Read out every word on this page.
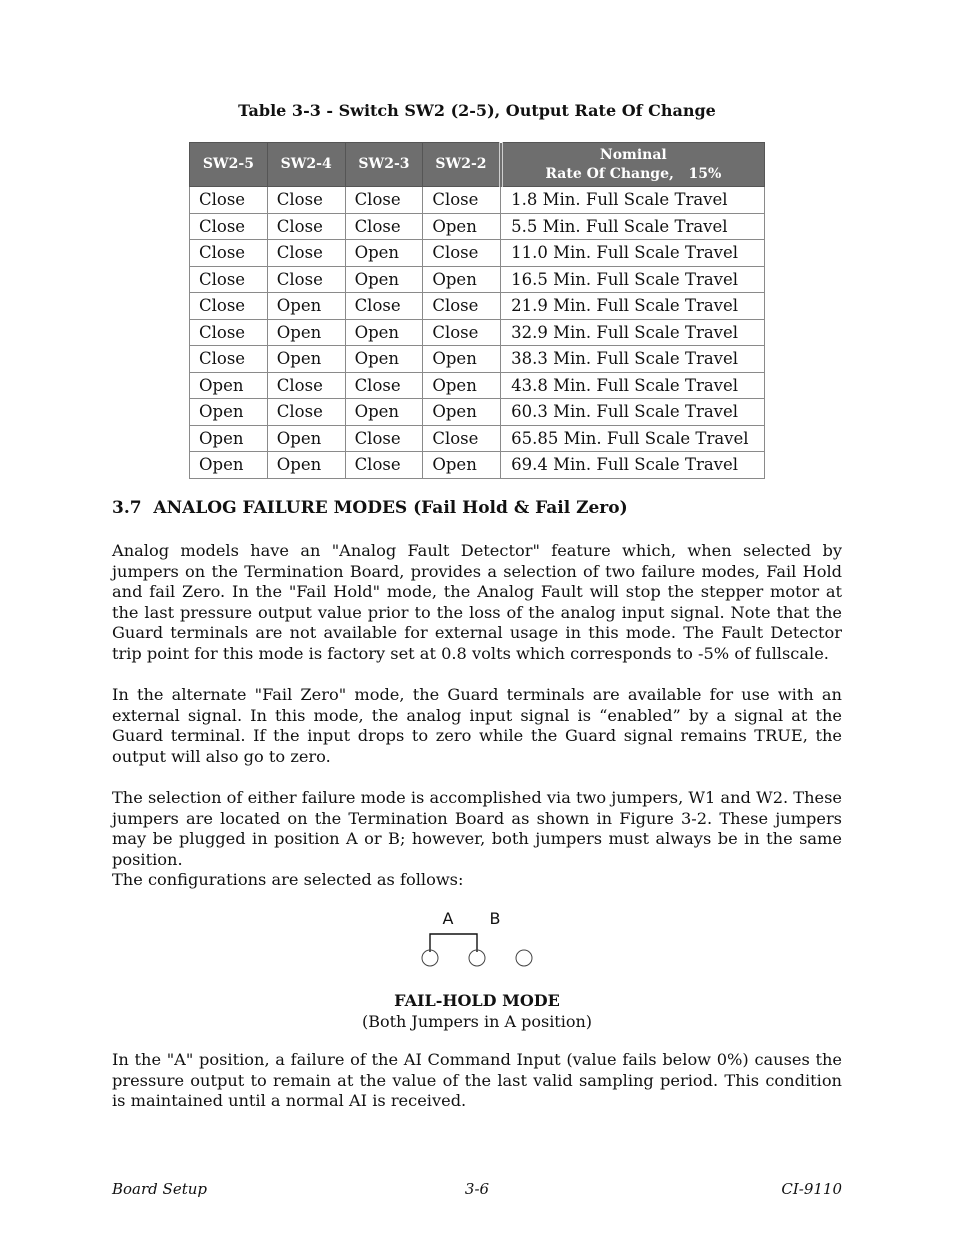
Table 3-3 - Switch SW2 (2-5), Output Rate Of Change
SW2-5	SW2-4	SW2-3	SW2-2	Nominal
Rate Of Change,   15%

Close	Close	Close	Close	1.8 Min. Full Scale Travel
Close	Close	Close	Open	5.5 Min. Full Scale Travel
Close	Close	Open	Close	11.0 Min. Full Scale Travel
Close	Close	Open	Open	16.5 Min. Full Scale Travel
Close	Open	Close	Close	21.9 Min. Full Scale Travel
Close	Open	Open	Close	32.9 Min. Full Scale Travel
Close	Open	Open	Open	38.3 Min. Full Scale Travel
Open	Close	Close	Open	43.8 Min. Full Scale Travel
Open	Close	Open	Open	60.3 Min. Full Scale Travel
Open	Open	Close	Close	65.85 Min. Full Scale Travel
Open	Open	Close	Open	69.4 Min. Full Scale Travel
3.7  ANALOG FAILURE MODES (Fail Hold & Fail Zero)

Analog models have an "Analog Fault Detector" feature which, when selected by jumpers on the Termination Board, provides a selection of two failure modes, Fail Hold and fail Zero. In the "Fail Hold" mode, the Analog Fault will stop the stepper motor at the last pressure output value prior to the loss of the analog input signal. Note that the Guard terminals are not available for external usage in this mode. The Fault Detector trip point for this mode is factory set at 0.8 volts which corresponds to -5% of fullscale.

In the alternate "Fail Zero" mode, the Guard terminals are available for use with an external signal. In this mode, the analog input signal is “enabled” by a signal at the Guard terminal. If the input drops to zero while the Guard signal remains TRUE, the output will also go to zero.

The selection of either failure mode is accomplished via two jumpers, W1 and W2. These jumpers are located on the Termination Board as shown in Figure 3-2. These jumpers may be plugged in position A or B; however, both jumpers must always be in the same position.

The configurations are selected as follows:

A B
FAIL-HOLD MODE
(Both Jumpers in A position)

In the "A" position, a failure of the AI Command Input (value fails below 0%) causes the pressure output to remain at the value of the last valid sampling period. This condition is maintained until a normal AI is received.

Board Setup	3-6	CI-9110
